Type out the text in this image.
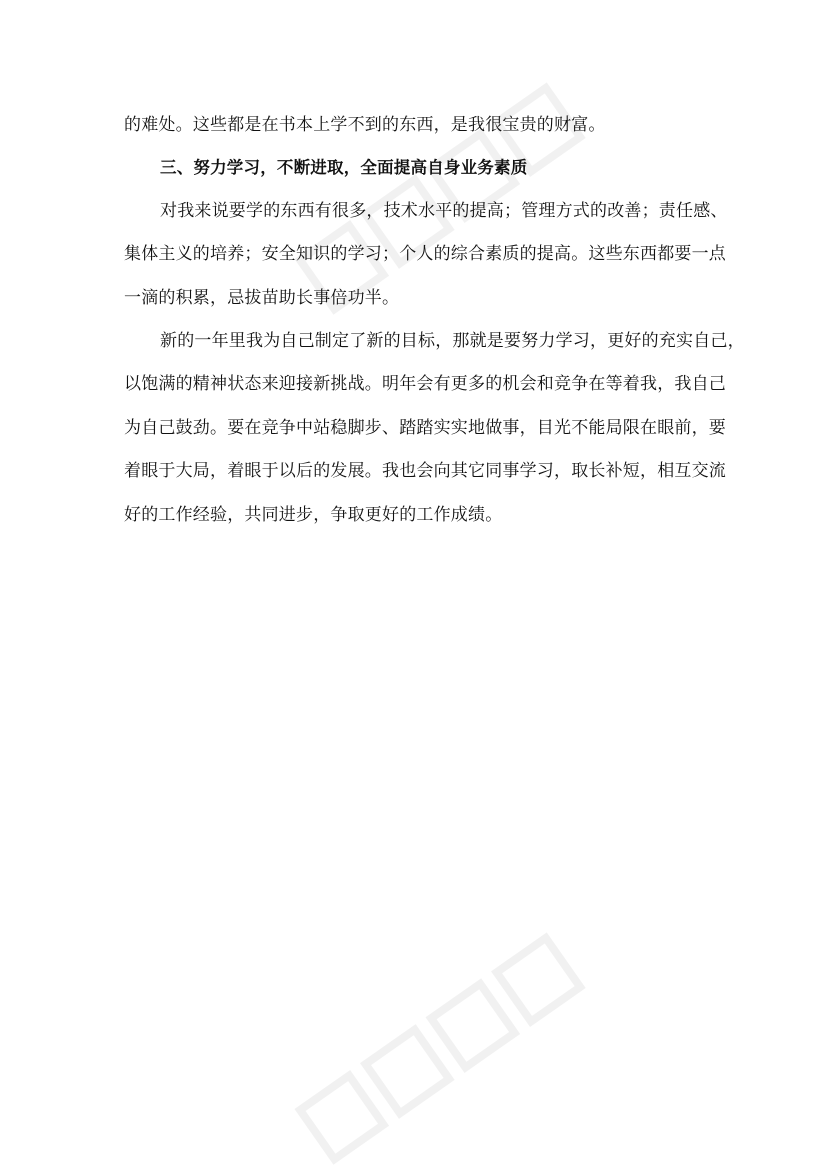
的难处。这些都是在书本上学不到的东西，是我很宝贵的财富。
三、努力学习，不断进取，全面提高自身业务素质
对我来说要学的东西有很多，技术水平的提高；管理方式的改善；责任感、
集体主义的培养；安全知识的学习；个人的综合素质的提高。这些东西都要一点
一滴的积累，忌拔苗助长事倍功半。
新的一年里我为自己制定了新的目标，那就是要努力学习，更好的充实自己，
以饱满的精神状态来迎接新挑战。明年会有更多的机会和竞争在等着我，我自己
为自己鼓劲。要在竞争中站稳脚步、踏踏实实地做事，目光不能局限在眼前，要
着眼于大局，着眼于以后的发展。我也会向其它同事学习，取长补短，相互交流
好的工作经验，共同进步，争取更好的工作成绩。
